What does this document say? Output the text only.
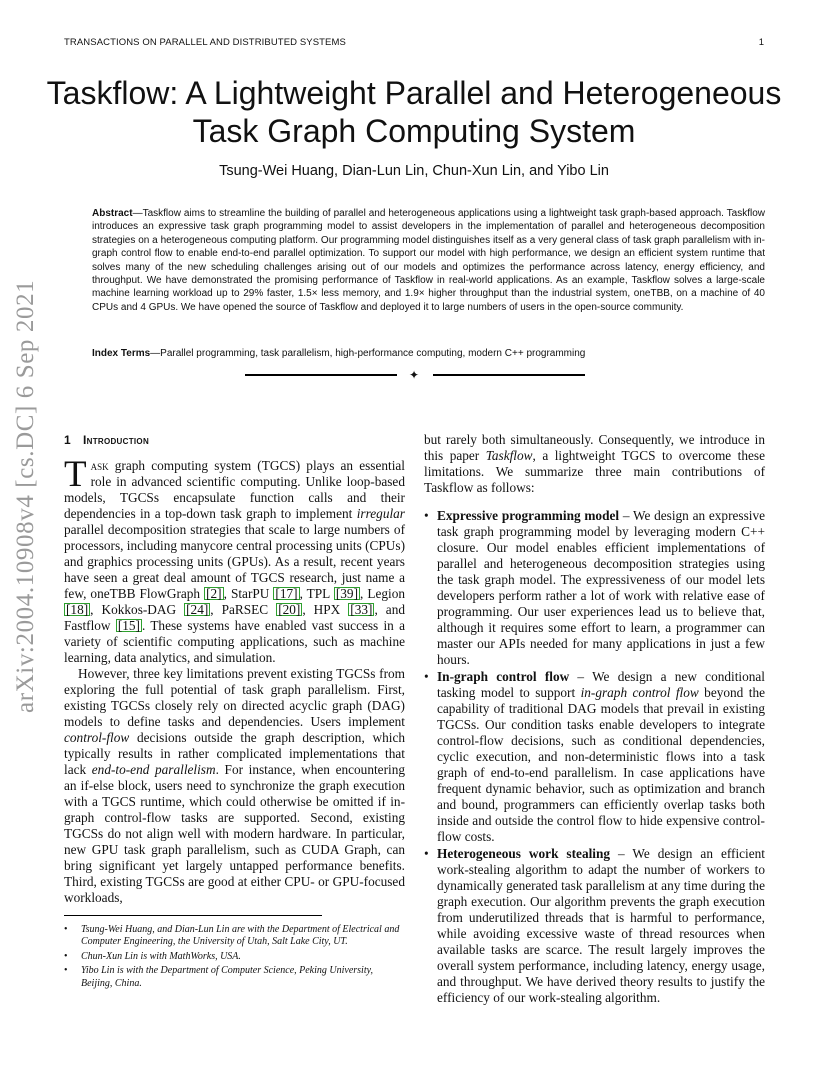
TRANSACTIONS ON PARALLEL AND DISTRIBUTED SYSTEMS	1
Taskflow: A Lightweight Parallel and Heterogeneous Task Graph Computing System
Tsung-Wei Huang, Dian-Lun Lin, Chun-Xun Lin, and Yibo Lin

Abstract—Taskflow aims to streamline the building of parallel and heterogeneous applications using a lightweight task graph-based approach. Taskflow introduces an expressive task graph programming model to assist developers in the implementation of parallel and heterogeneous decomposition strategies on a heterogeneous computing platform. Our programming model distinguishes itself as a very general class of task graph parallelism with in-graph control flow to enable end-to-end parallel optimization. To support our model with high performance, we design an efficient system runtime that solves many of the new scheduling challenges arising out of our models and optimizes the performance across latency, energy efficiency, and throughput. We have demonstrated the promising performance of Taskflow in real-world applications. As an example, Taskflow solves a large-scale machine learning workload up to 29% faster, 1.5× less memory, and 1.9× higher throughput than the industrial system, oneTBB, on a machine of 40 CPUs and 4 GPUs. We have opened the source of Taskflow and deployed it to large numbers of users in the open-source community.

Index Terms—Parallel programming, task parallelism, high-performance computing, modern C++ programming

✦
arXiv:2004.10908v4 [cs.DC] 6 Sep 2021 1 Introduction

Task graph computing system (TGCS) plays an essential role in advanced scientific computing. Unlike loop-based models, TGCSs encapsulate function calls and their dependencies in a top-down task graph to implement irregular parallel decomposition strategies that scale to large numbers of processors, including manycore central processing units (CPUs) and graphics processing units (GPUs). As a result, recent years have seen a great deal amount of TGCS research, just name a few, oneTBB FlowGraph [2] , StarPU [17] , TPL [39] , Legion [18] , Kokkos-DAG [24] , PaRSEC [20] , HPX [33] , and Fastflow [15] . These systems have enabled vast success in a variety of scientific computing applications, such as machine learning, data analytics, and simulation.

However, three key limitations prevent existing TGCSs from exploring the full potential of task graph parallelism. First, existing TGCSs closely rely on directed acyclic graph (DAG) models to define tasks and dependencies. Users implement control-flow decisions outside the graph description, which typically results in rather complicated implementations that lack end-to-end parallelism. For instance, when encountering an if-else block, users need to synchronize the graph execution with a TGCS runtime, which could otherwise be omitted if in-graph control-flow tasks are supported. Second, existing TGCSs do not align well with modern hardware. In particular, new GPU task graph parallelism, such as CUDA Graph, can bring significant yet largely untapped performance benefits. Third, existing TGCSs are good at either CPU- or GPU-focused workloads,

• Tsung-Wei Huang, and Dian-Lun Lin are with the Department of Electrical and Computer Engineering, the University of Utah, Salt Lake City, UT.
• Chun-Xun Lin is with MathWorks, USA.
• Yibo Lin is with the Department of Computer Science, Peking University, Beijing, China.

but rarely both simultaneously. Consequently, we introduce in this paper Taskflow, a lightweight TGCS to overcome these limitations. We summarize three main contributions of Taskflow as follows:

• Expressive programming model – We design an expressive task graph programming model by leveraging modern C++ closure. Our model enables efficient implementations of parallel and heterogeneous decomposition strategies using the task graph model. The expressiveness of our model lets developers perform rather a lot of work with relative ease of programming. Our user experiences lead us to believe that, although it requires some effort to learn, a programmer can master our APIs needed for many applications in just a few hours.
• In-graph control flow – We design a new conditional tasking model to support in-graph control flow beyond the capability of traditional DAG models that prevail in existing TGCSs. Our condition tasks enable developers to integrate control-flow decisions, such as conditional dependencies, cyclic execution, and non-deterministic flows into a task graph of end-to-end parallelism. In case applications have frequent dynamic behavior, such as optimization and branch and bound, programmers can efficiently overlap tasks both inside and outside the control flow to hide expensive control-flow costs.
• Heterogeneous work stealing – We design an efficient work-stealing algorithm to adapt the number of workers to dynamically generated task parallelism at any time during the graph execution. Our algorithm prevents the graph execution from underutilized threads that is harmful to performance, while avoiding excessive waste of thread resources when available tasks are scarce. The result largely improves the overall system performance, including latency, energy usage, and throughput. We have derived theory results to justify the efficiency of our work-stealing algorithm.
